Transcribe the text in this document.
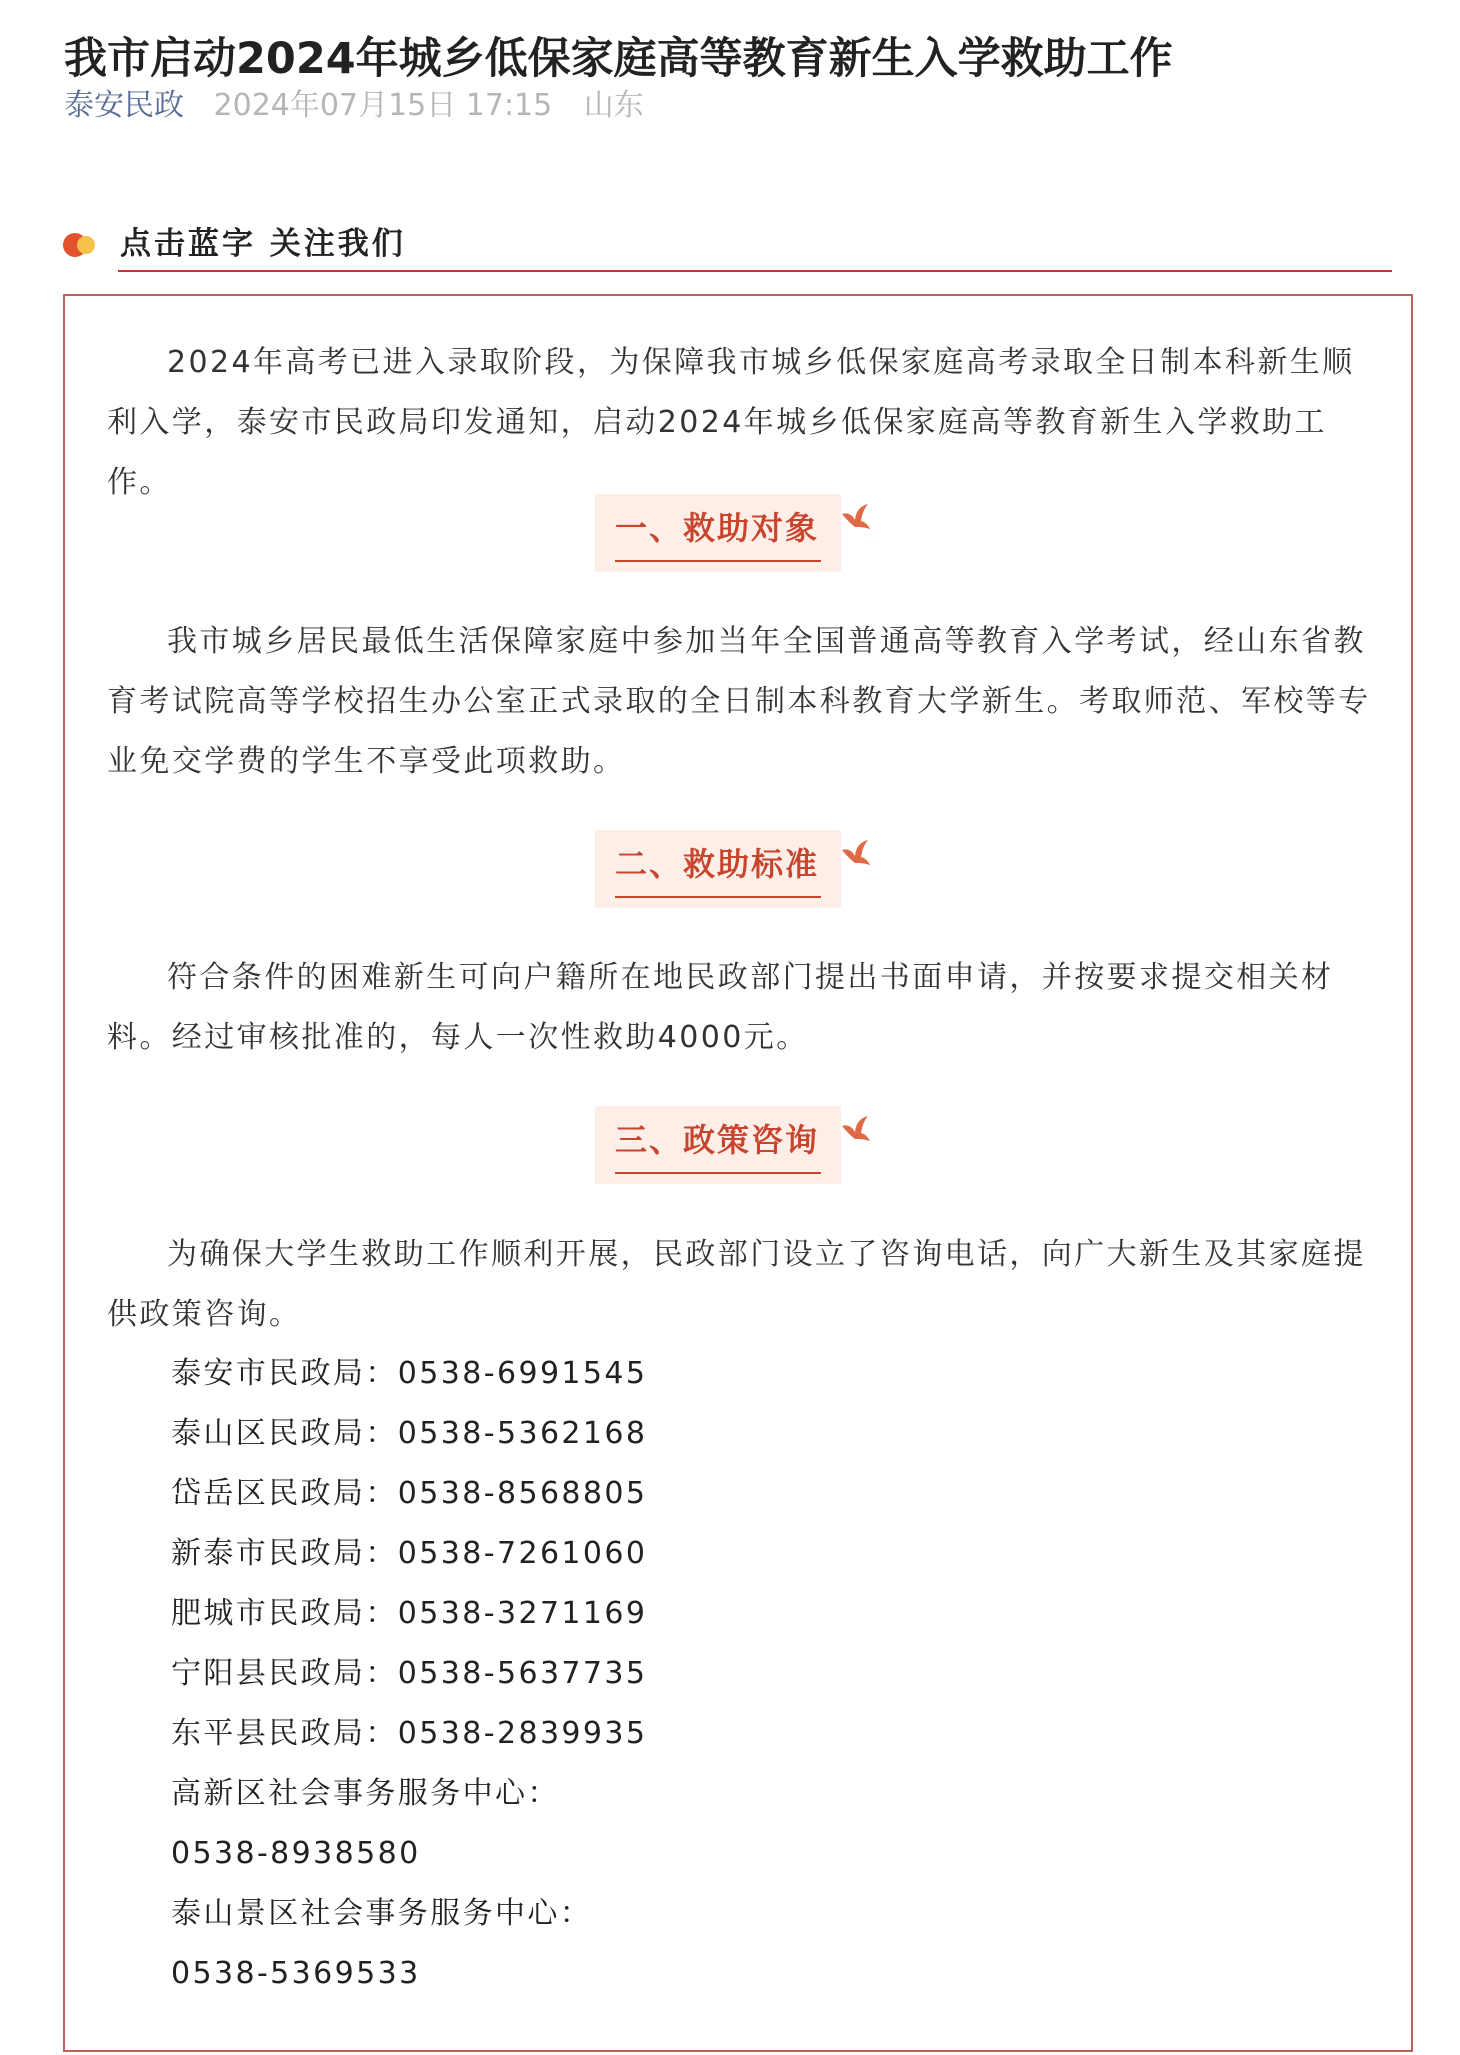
我市启动2024年城乡低保家庭高等教育新生入学救助工作
泰安民政 2024年07月15日 17:15 山东
点击蓝字 关注我们

2024年高考已进入录取阶段，为保障我市城乡低保家庭高考录取全日制本科新生顺利入学，泰安市民政局印发通知，启动2024年城乡低保家庭高等教育新生入学救助工作。

一、救助对象

我市城乡居民最低生活保障家庭中参加当年全国普通高等教育入学考试，经山东省教育考试院高等学校招生办公室正式录取的全日制本科教育大学新生。考取师范、军校等专业免交学费的学生不享受此项救助。

二、救助标准

符合条件的困难新生可向户籍所在地民政部门提出书面申请，并按要求提交相关材料。经过审核批准的，每人一次性救助4000元。

三、政策咨询

为确保大学生救助工作顺利开展，民政部门设立了咨询电话，向广大新生及其家庭提供政策咨询。

泰安市民政局：0538-6991545
泰山区民政局：0538-5362168
岱岳区民政局：0538-8568805
新泰市民政局：0538-7261060
肥城市民政局：0538-3271169
宁阳县民政局：0538-5637735
东平县民政局：0538-2839935
高新区社会事务服务中心：
0538-8938580
泰山景区社会事务服务中心：
0538-5369533
